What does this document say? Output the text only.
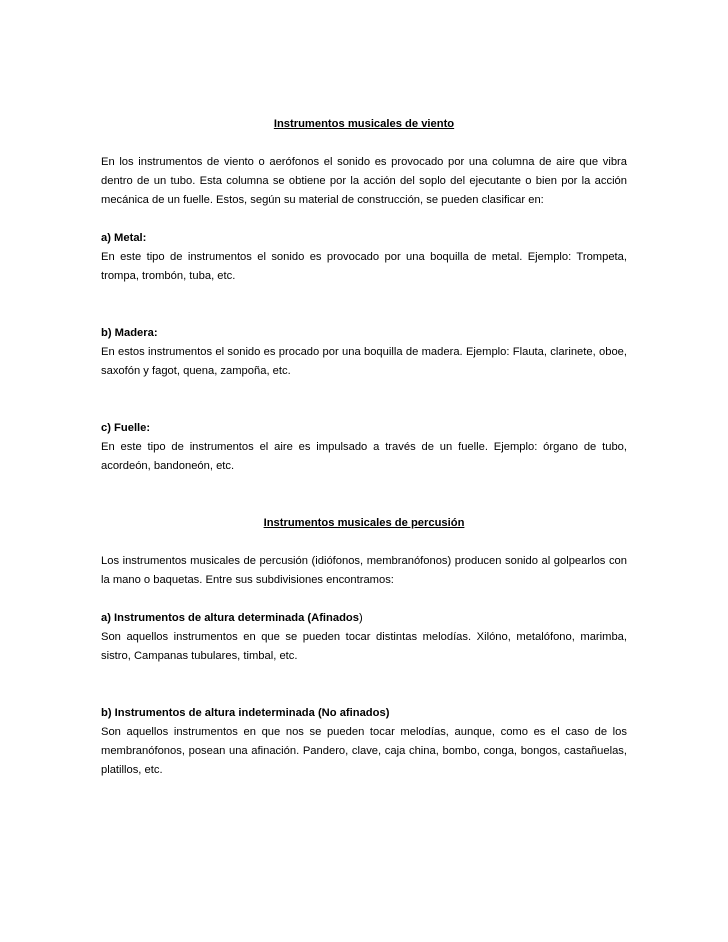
Instrumentos musicales de viento

En los instrumentos de viento o aerófonos el sonido es provocado por una columna de aire que vibra dentro de un tubo. Esta columna se obtiene por la acción del soplo del ejecutante o bien por la acción mecánica de un fuelle. Estos, según su material de construcción, se pueden clasificar en:

a) Metal:

En este tipo de instrumentos el sonido es provocado por una boquilla de metal. Ejemplo: Trompeta, trompa, trombón, tuba, etc.

b) Madera:

En estos instrumentos el sonido es procado por una boquilla de madera. Ejemplo: Flauta, clarinete, oboe, saxofón y fagot, quena, zampoña, etc.

c) Fuelle:

En este tipo de instrumentos el aire es impulsado a través de un fuelle. Ejemplo: órgano de tubo, acordeón, bandoneón, etc.

Instrumentos musicales de percusión

Los instrumentos musicales de percusión (idiófonos, membranófonos) producen sonido al golpearlos con la mano o baquetas. Entre sus subdivisiones encontramos:

a) Instrumentos de altura determinada (Afinados)

Son aquellos instrumentos en que se pueden tocar distintas melodías. Xilóno, metalófono, marimba, sistro, Campanas tubulares, timbal, etc.

b) Instrumentos de altura indeterminada (No afinados)

Son aquellos instrumentos en que nos se pueden tocar melodías, aunque, como es el caso de los membranófonos, posean una afinación. Pandero, clave, caja china, bombo, conga, bongos, castañuelas, platillos, etc.
